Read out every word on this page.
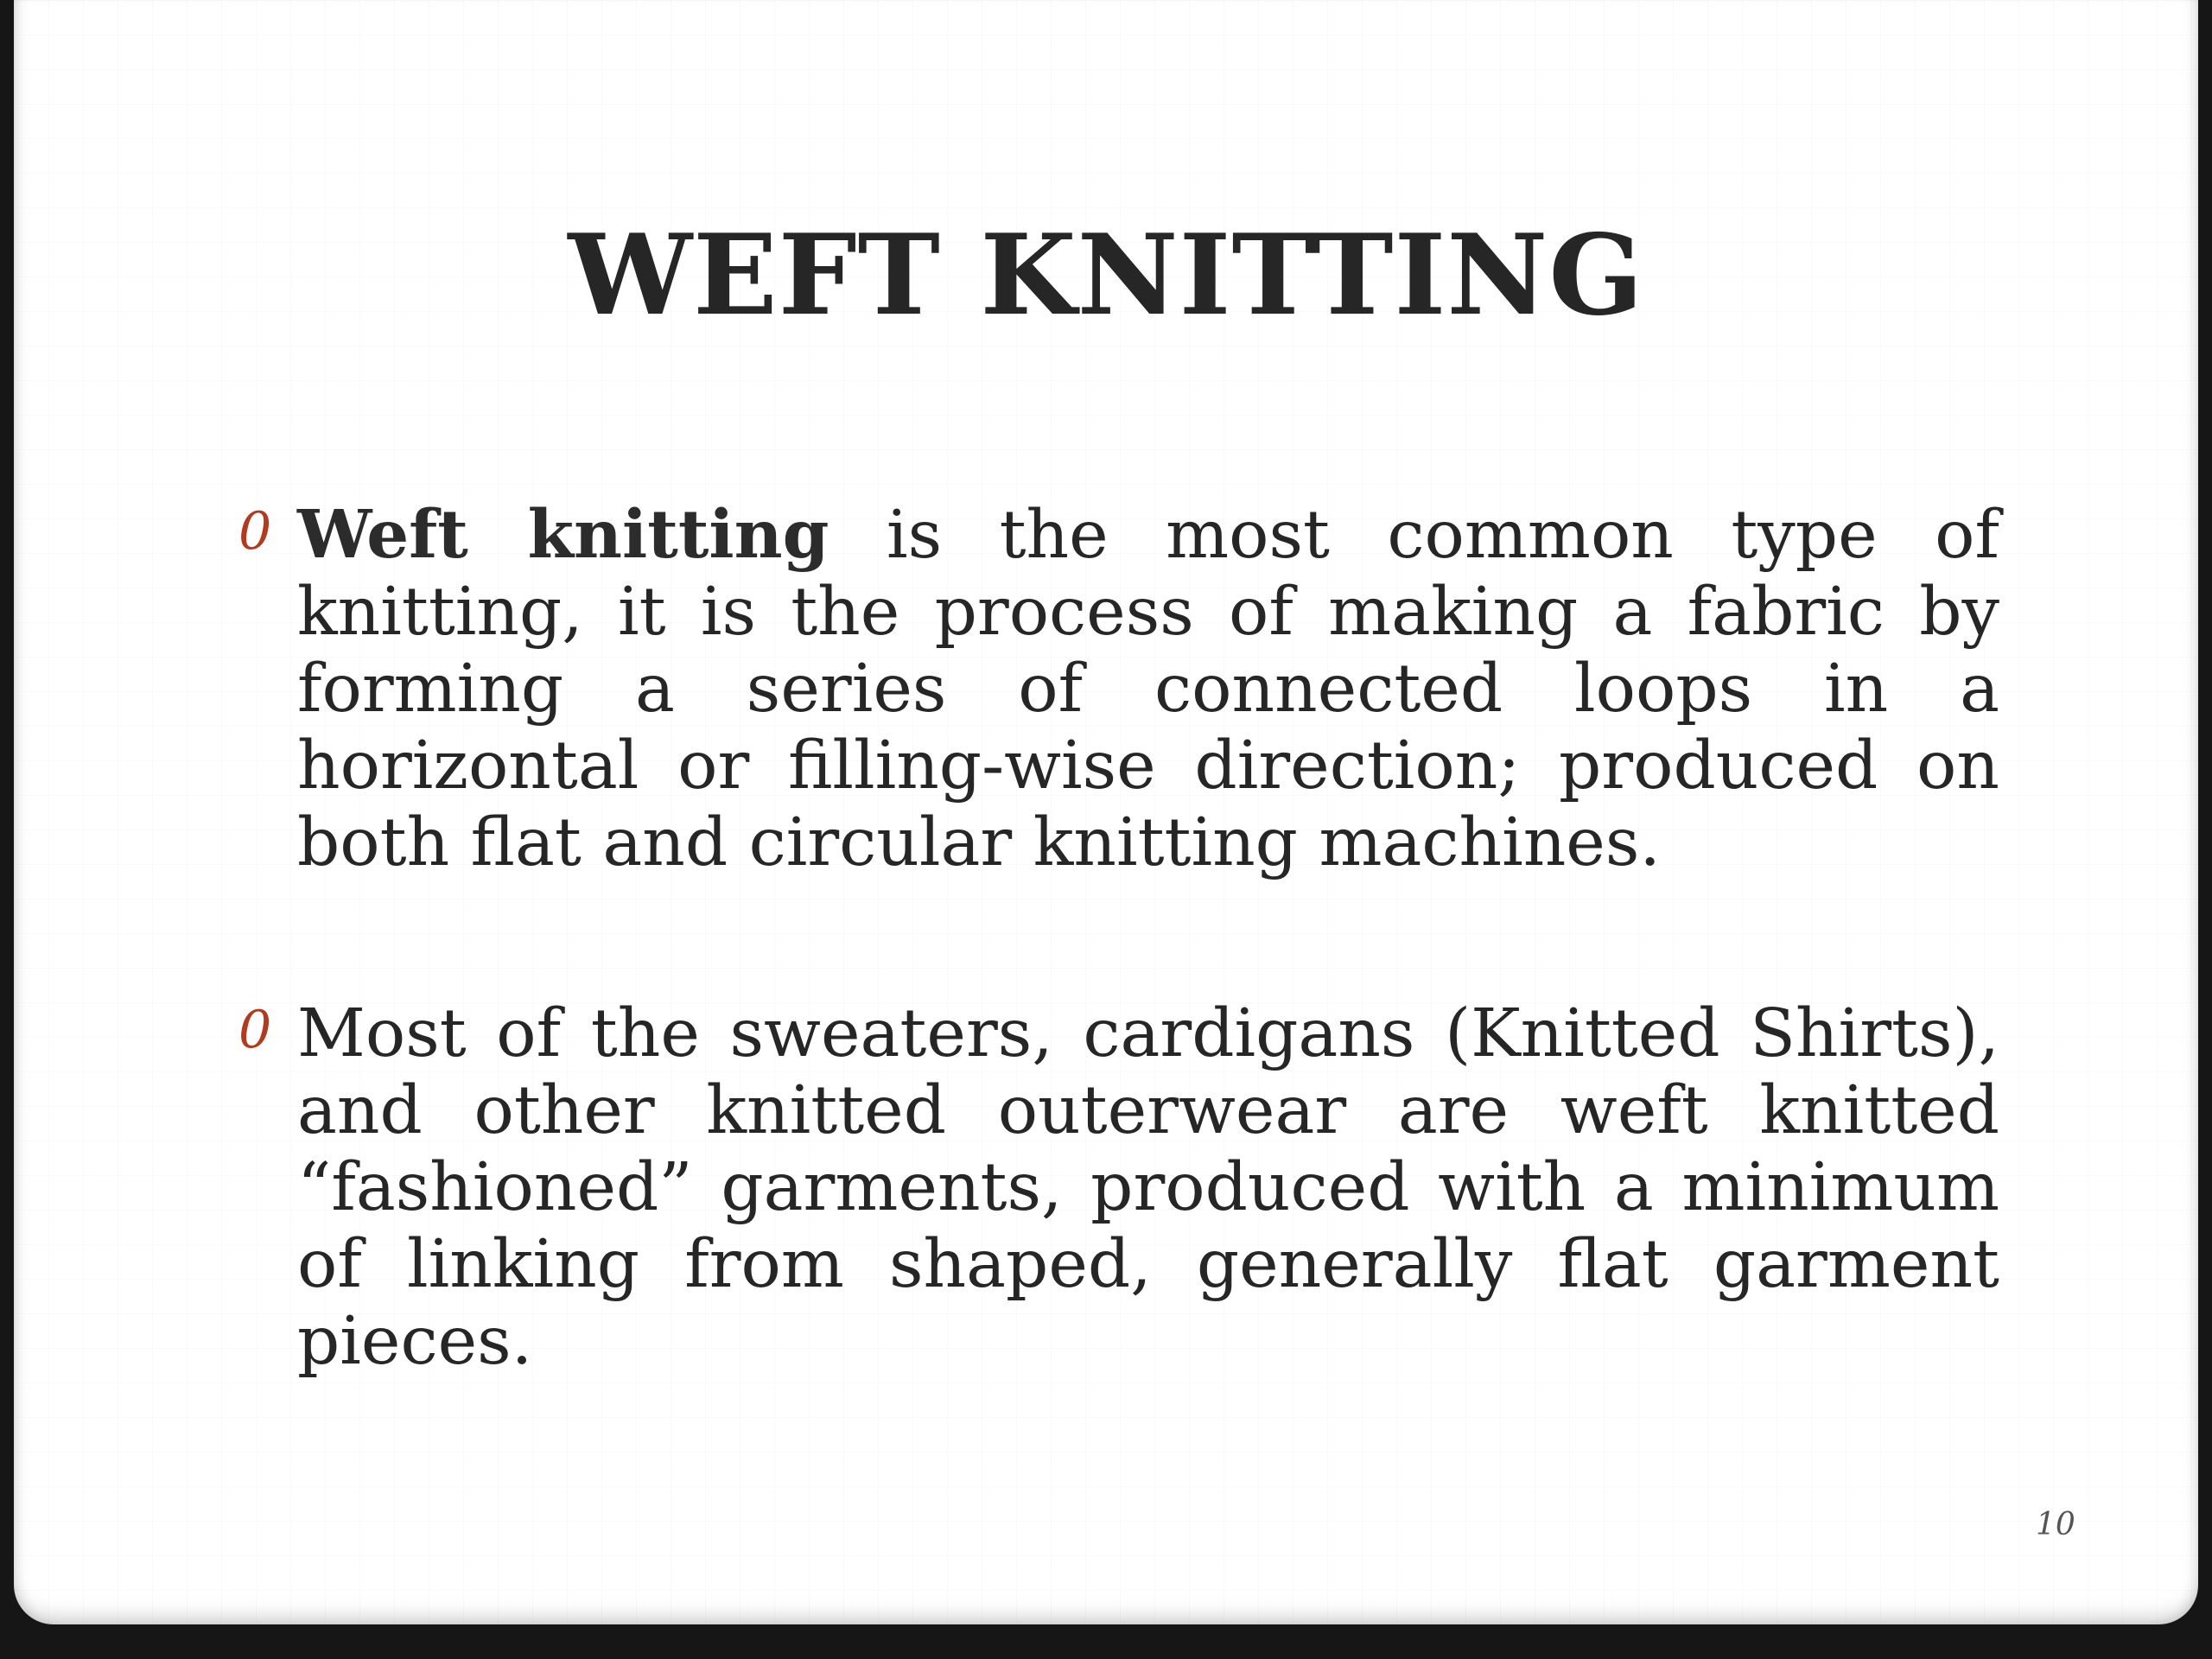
WEFT KNITTING
0 Weft knitting is the most common type of knitting, it is the process of making a fabric by forming a series of connected loops in a horizontal or filling-wise direction; produced on both flat and circular knitting machines.
0 Most of the sweaters, cardigans (Knitted Shirts), and other knitted outerwear are weft knitted “fashioned” garments, produced with a minimum of linking from shaped, generally flat garment pieces.
10
